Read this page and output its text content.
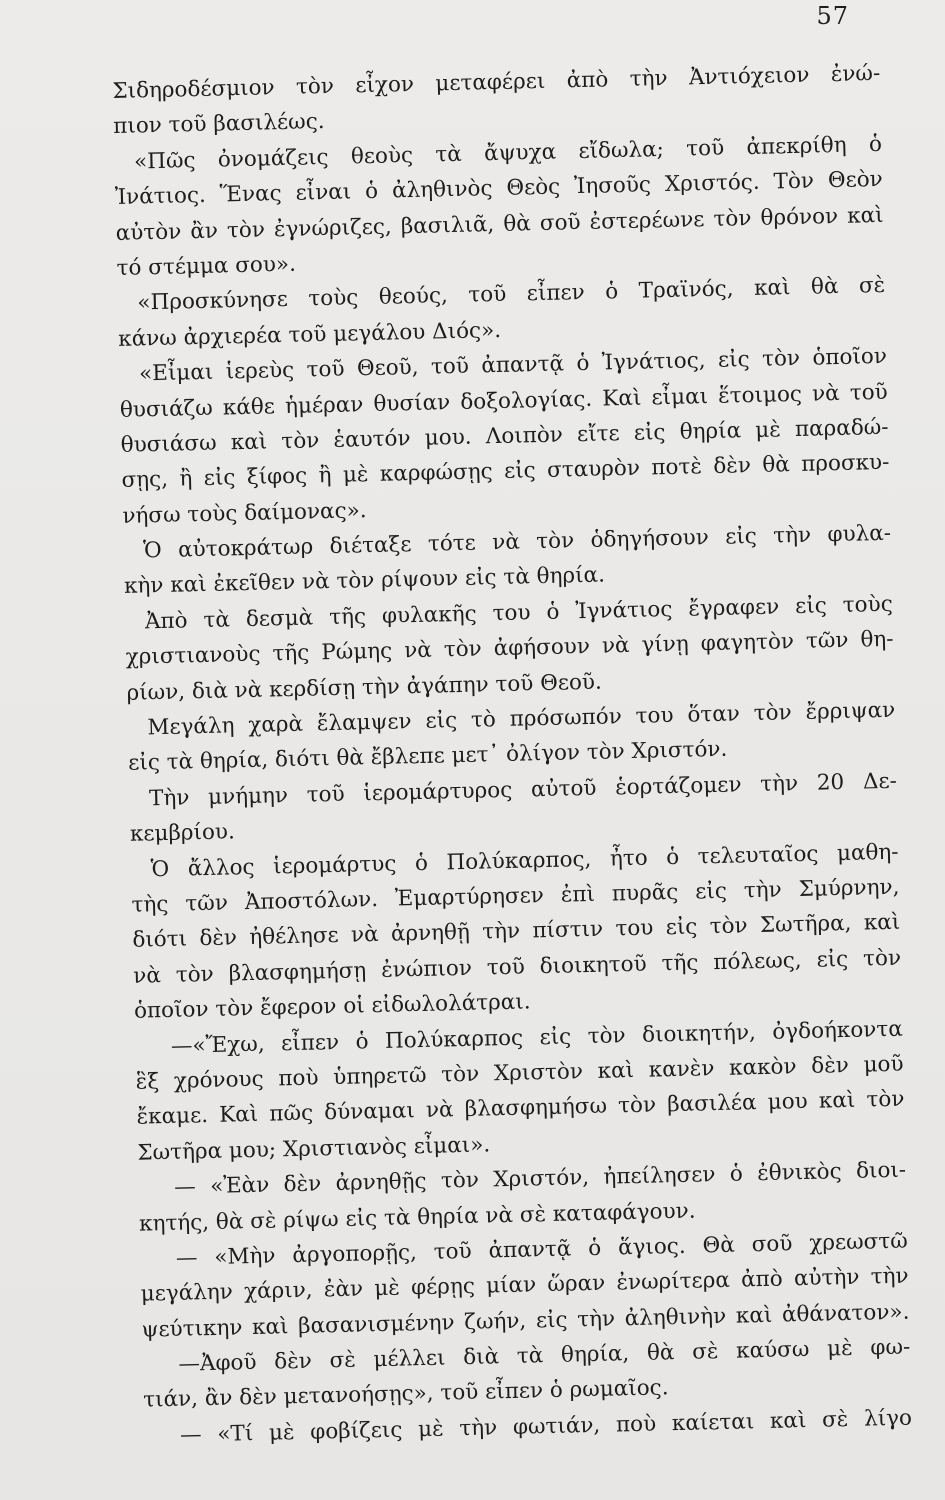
57
Σιδηροδέσμιον τὸν εἶχον μεταφέρει ἀπὸ τὴν Ἀντιόχειον ἐνώ-
πιον τοῦ βασιλέως.
«Πῶς ὀνομάζεις θεοὺς τὰ ἄψυχα εἴδωλα; τοῦ ἀπεκρίθη ὁ
Ἰνάτιος. Ἕνας εἶναι ὁ ἀληθινὸς Θεὸς Ἰησοῦς Χριστός. Τὸν Θεὸν
αὐτὸν ἂν τὸν ἐγνώριζες, βασιλιᾶ, θὰ σοῦ ἐστερέωνε τὸν θρόνον καὶ
τό στέμμα σου».
«Προσκύνησε τοὺς θεούς, τοῦ εἶπεν ὁ Τραϊνός, καὶ θὰ σὲ
κάνω ἀρχιερέα τοῦ μεγάλου Διός».
«Εἶμαι ἱερεὺς τοῦ Θεοῦ, τοῦ ἀπαντᾷ ὁ Ἰγνάτιος, εἰς τὸν ὁποῖον
θυσιάζω κάθε ἡμέραν θυσίαν δοξολογίας. Καὶ εἶμαι ἕτοιμος νὰ τοῦ
θυσιάσω καὶ τὸν ἑαυτόν μου. Λοιπὸν εἴτε εἰς θηρία μὲ παραδώ-
σῃς, ἢ εἰς ξίφος ἢ μὲ καρφώσῃς εἰς σταυρὸν ποτὲ δὲν θὰ προσκυ-
νήσω τοὺς δαίμονας».
Ὁ αὐτοκράτωρ διέταξε τότε νὰ τὸν ὁδηγήσουν εἰς τὴν φυλα-
κὴν καὶ ἐκεῖθεν νὰ τὸν ρίψουν εἰς τὰ θηρία.
Ἀπὸ τὰ δεσμὰ τῆς φυλακῆς του ὁ Ἰγνάτιος ἔγραφεν εἰς τοὺς
χριστιανοὺς τῆς Ρώμης νὰ τὸν ἀφήσουν νὰ γίνῃ φαγητὸν τῶν θη-
ρίων, διὰ νὰ κερδίσῃ τὴν ἀγάπην τοῦ Θεοῦ.
Μεγάλη χαρὰ ἔλαμψεν εἰς τὸ πρόσωπόν του ὅταν τὸν ἔρριψαν
εἰς τὰ θηρία, διότι θὰ ἔβλεπε μετ᾽ ὀλίγον τὸν Χριστόν.
Τὴν μνήμην τοῦ ἱερομάρτυρος αὐτοῦ ἑορτάζομεν τὴν 20 Δε-
κεμβρίου.
Ὁ ἄλλος ἱερομάρτυς ὁ Πολύκαρπος, ἦτο ὁ τελευταῖος μαθη-
τὴς τῶν Ἀποστόλων. Ἐμαρτύρησεν ἐπὶ πυρᾶς εἰς τὴν Σμύρνην,
διότι δὲν ἠθέλησε νὰ ἀρνηθῇ τὴν πίστιν του εἰς τὸν Σωτῆρα, καὶ
νὰ τὸν βλασφημήσῃ ἐνώπιον τοῦ διοικητοῦ τῆς πόλεως, εἰς τὸν
ὁποῖον τὸν ἔφερον οἱ εἰδωλολάτραι.
—«Ἔχω, εἶπεν ὁ Πολύκαρπος εἰς τὸν διοικητήν, ὀγδοήκοντα
ἓξ χρόνους ποὺ ὑπηρετῶ τὸν Χριστὸν καὶ κανὲν κακὸν δὲν μοῦ
ἔκαμε. Καὶ πῶς δύναμαι νὰ βλασφημήσω τὸν βασιλέα μου καὶ τὸν
Σωτῆρα μου; Χριστιανὸς εἶμαι».
— «Ἐὰν δὲν ἀρνηθῇς τὸν Χριστόν, ἠπείλησεν ὁ ἐθνικὸς διοι-
κητής, θὰ σὲ ρίψω εἰς τὰ θηρία νὰ σὲ καταφάγουν.
— «Μὴν ἀργοπορῇς, τοῦ ἀπαντᾷ ὁ ἅγιος. Θὰ σοῦ χρεωστῶ
μεγάλην χάριν, ἐὰν μὲ φέρῃς μίαν ὥραν ἐνωρίτερα ἀπὸ αὐτὴν τὴν
ψεύτικην καὶ βασανισμένην ζωήν, εἰς τὴν ἀληθινὴν καὶ ἀθάνατον».
—Ἀφοῦ δὲν σὲ μέλλει διὰ τὰ θηρία, θὰ σὲ καύσω μὲ φω-
τιάν, ἂν δὲν μετανοήσῃς», τοῦ εἶπεν ὁ ρωμαῖος.
— «Τί μὲ φοβίζεις μὲ τὴν φωτιάν, ποὺ καίεται καὶ σὲ λίγο
